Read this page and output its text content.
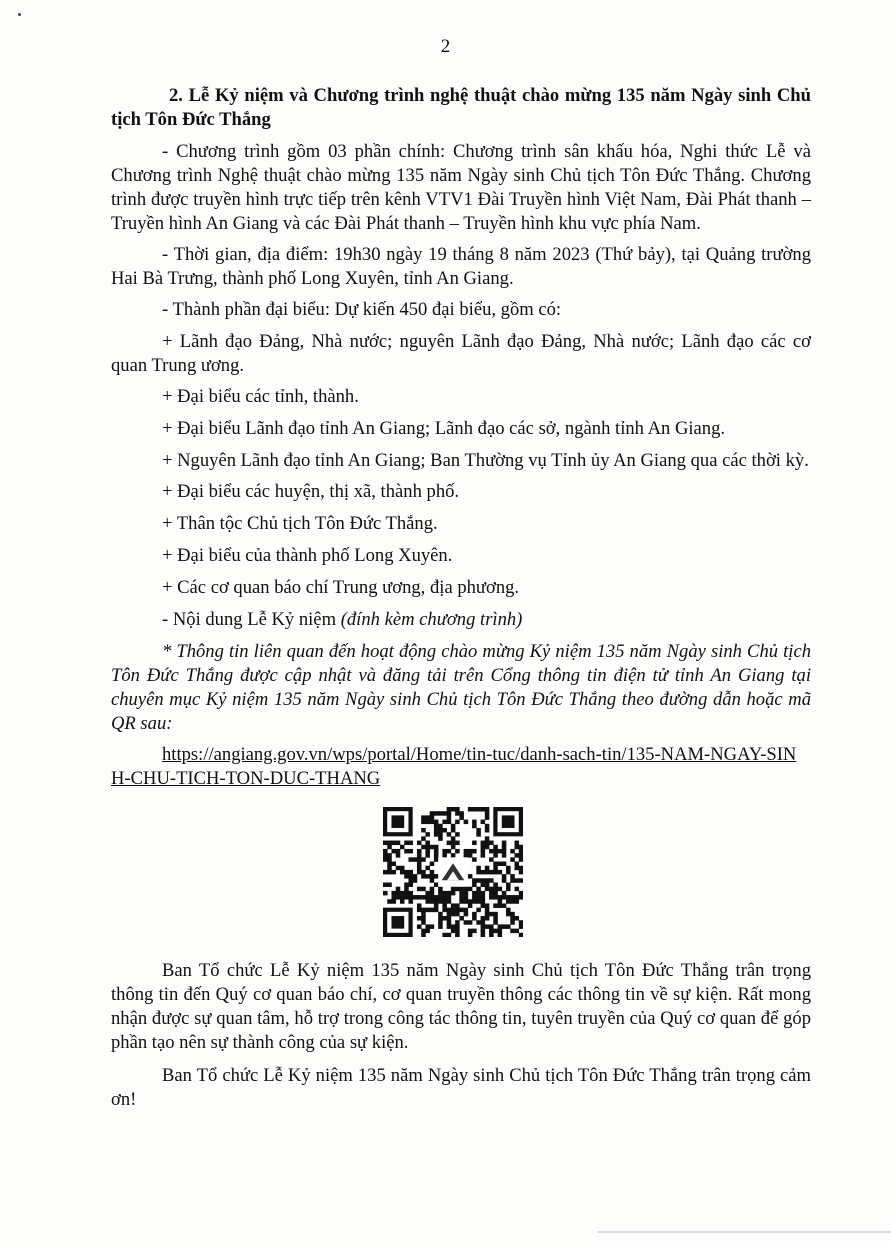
2

2. Lễ Kỷ niệm và Chương trình nghệ thuật chào mừng 135 năm Ngày sinh Chủ tịch Tôn Đức Thắng

- Chương trình gồm 03 phần chính: Chương trình sân khấu hóa, Nghi thức Lễ và Chương trình Nghệ thuật chào mừng 135 năm Ngày sinh Chủ tịch Tôn Đức Thắng. Chương trình được truyền hình trực tiếp trên kênh VTV1 Đài Truyền hình Việt Nam, Đài Phát thanh – Truyền hình An Giang và các Đài Phát thanh – Truyền hình khu vực phía Nam.

- Thời gian, địa điểm: 19h30 ngày 19 tháng 8 năm 2023 (Thứ bảy), tại Quảng trường Hai Bà Trưng, thành phố Long Xuyên, tỉnh An Giang.

- Thành phần đại biểu: Dự kiến 450 đại biểu, gồm có:

+ Lãnh đạo Đảng, Nhà nước; nguyên Lãnh đạo Đảng, Nhà nước; Lãnh đạo các cơ quan Trung ương.

+ Đại biểu các tỉnh, thành.

+ Đại biểu Lãnh đạo tỉnh An Giang; Lãnh đạo các sở, ngành tỉnh An Giang.

+ Nguyên Lãnh đạo tỉnh An Giang; Ban Thường vụ Tỉnh ủy An Giang qua các thời kỳ.

+ Đại biểu các huyện, thị xã, thành phố.

+ Thân tộc Chủ tịch Tôn Đức Thắng.

+ Đại biểu của thành phố Long Xuyên.

+ Các cơ quan báo chí Trung ương, địa phương.

- Nội dung Lễ Kỷ niệm (đính kèm chương trình)

* Thông tin liên quan đến hoạt động chào mừng Kỷ niệm 135 năm Ngày sinh Chủ tịch Tôn Đức Thắng được cập nhật và đăng tải trên Cổng thông tin điện tử tỉnh An Giang tại chuyên mục Kỷ niệm 135 năm Ngày sinh Chủ tịch Tôn Đức Thắng theo đường dẫn hoặc mã QR sau:

https://angiang.gov.vn/wps/portal/Home/tin-tuc/danh-sach-tin/135-NAM-NGAY-SINH-CHU-TICH-TON-DUC-THANG

Ban Tổ chức Lễ Kỷ niệm 135 năm Ngày sinh Chủ tịch Tôn Đức Thắng trân trọng thông tin đến Quý cơ quan báo chí, cơ quan truyền thông các thông tin về sự kiện. Rất mong nhận được sự quan tâm, hỗ trợ trong công tác thông tin, tuyên truyền của Quý cơ quan để góp phần tạo nên sự thành công của sự kiện.

Ban Tổ chức Lễ Kỷ niệm 135 năm Ngày sinh Chủ tịch Tôn Đức Thắng trân trọng cảm ơn!
